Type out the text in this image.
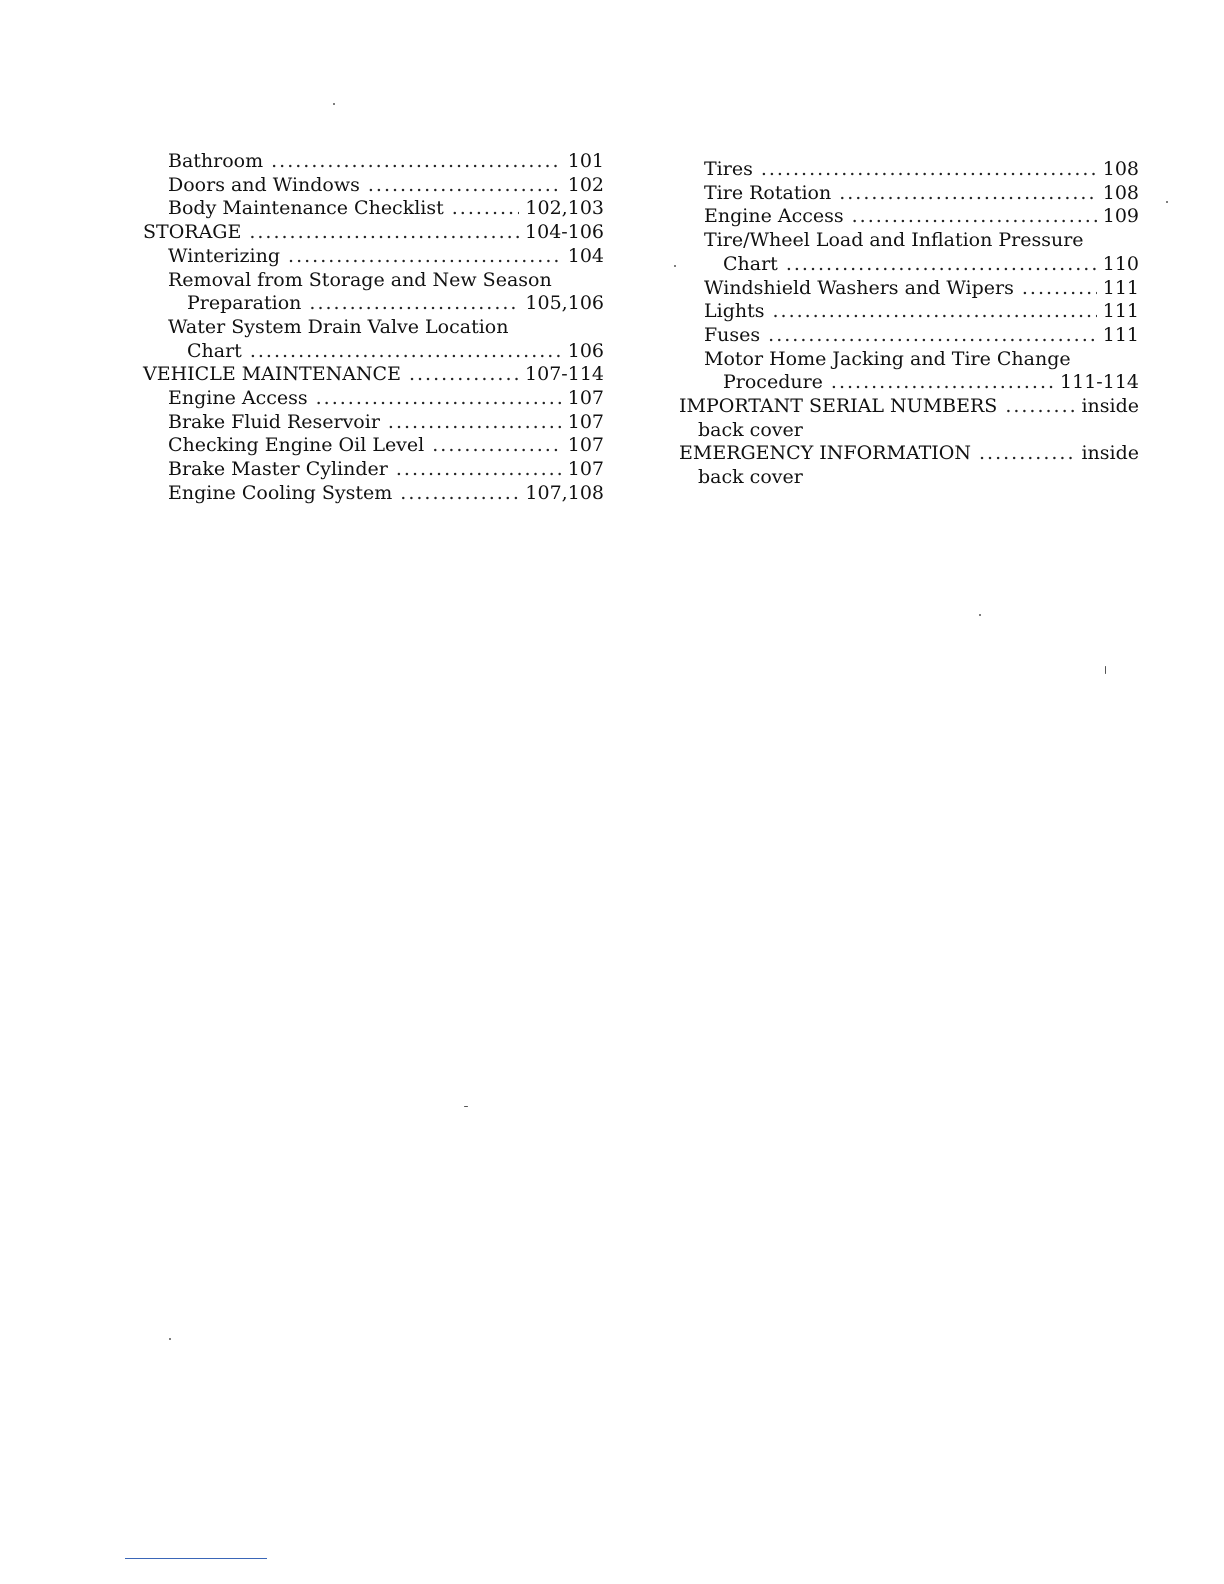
Bathroom .....	101
Doors and Windows .....	102
Body Maintenance Checklist .....	102,103
STORAGE .....	104-106
Winterizing .....	104
Removal from Storage and New Season
Preparation .....	105,106
Water System Drain Valve Location
Chart .....	106
VEHICLE MAINTENANCE .....	107-114
Engine Access .....	107
Brake Fluid Reservoir .....	107
Checking Engine Oil Level .....	107
Brake Master Cylinder .....	107
Engine Cooling System .....	107,108
Tires .....	108
Tire Rotation .....	108
Engine Access .....	109
Tire/Wheel Load and Inflation Pressure
Chart .....	110
Windshield Washers and Wipers .....	111
Lights .....	111
Fuses .....	111
Motor Home Jacking and Tire Change
Procedure .....	111-114
IMPORTANT SERIAL NUMBERS .....	inside
back cover
EMERGENCY INFORMATION .....	inside
back cover
